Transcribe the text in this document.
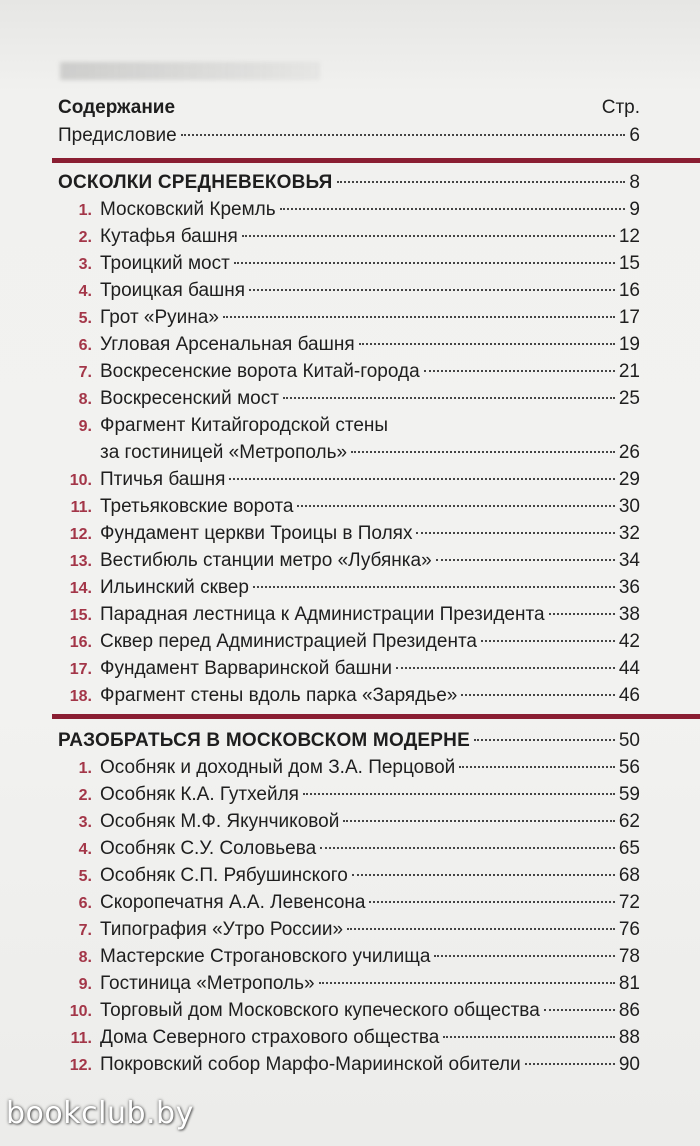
Содержание	Стр.
Предисловие	6
ОСКОЛКИ СРЕДНЕВЕКОВЬЯ	8
1. Московский Кремль	9
2. Кутафья башня	12
3. Троицкий мост	15
4. Троицкая башня	16
5. Грот «Руина»	17
6. Угловая Арсенальная башня	19
7. Воскресенские ворота Китай-города	21
8. Воскресенский мост	25
9. Фрагмент Китайгородской стены
за гостиницей «Метрополь»	26
10. Птичья башня	29
11. Третьяковские ворота	30
12. Фундамент церкви Троицы в Полях	32
13. Вестибюль станции метро «Лубянка»	34
14. Ильинский сквер	36
15. Парадная лестница к Администрации Президента	38
16. Сквер перед Администрацией Президента	42
17. Фундамент Варваринской башни	44
18. Фрагмент стены вдоль парка «Зарядье»	46
РАЗОБРАТЬСЯ В МОСКОВСКОМ МОДЕРНЕ	50
1. Особняк и доходный дом З.А. Перцовой	56
2. Особняк К.А. Гутхейля	59
3. Особняк М.Ф. Якунчиковой	62
4. Особняк С.У. Соловьева	65
5. Особняк С.П. Рябушинского	68
6. Скоропечатня А.А. Левенсона	72
7. Типография «Утро России»	76
8. Мастерские Строгановского училища	78
9. Гостиница «Метрополь»	81
10. Торговый дом Московского купеческого общества	86
11. Дома Северного страхового общества	88
12. Покровский собор Марфо-Мариинской обители	90
bookclub.by
